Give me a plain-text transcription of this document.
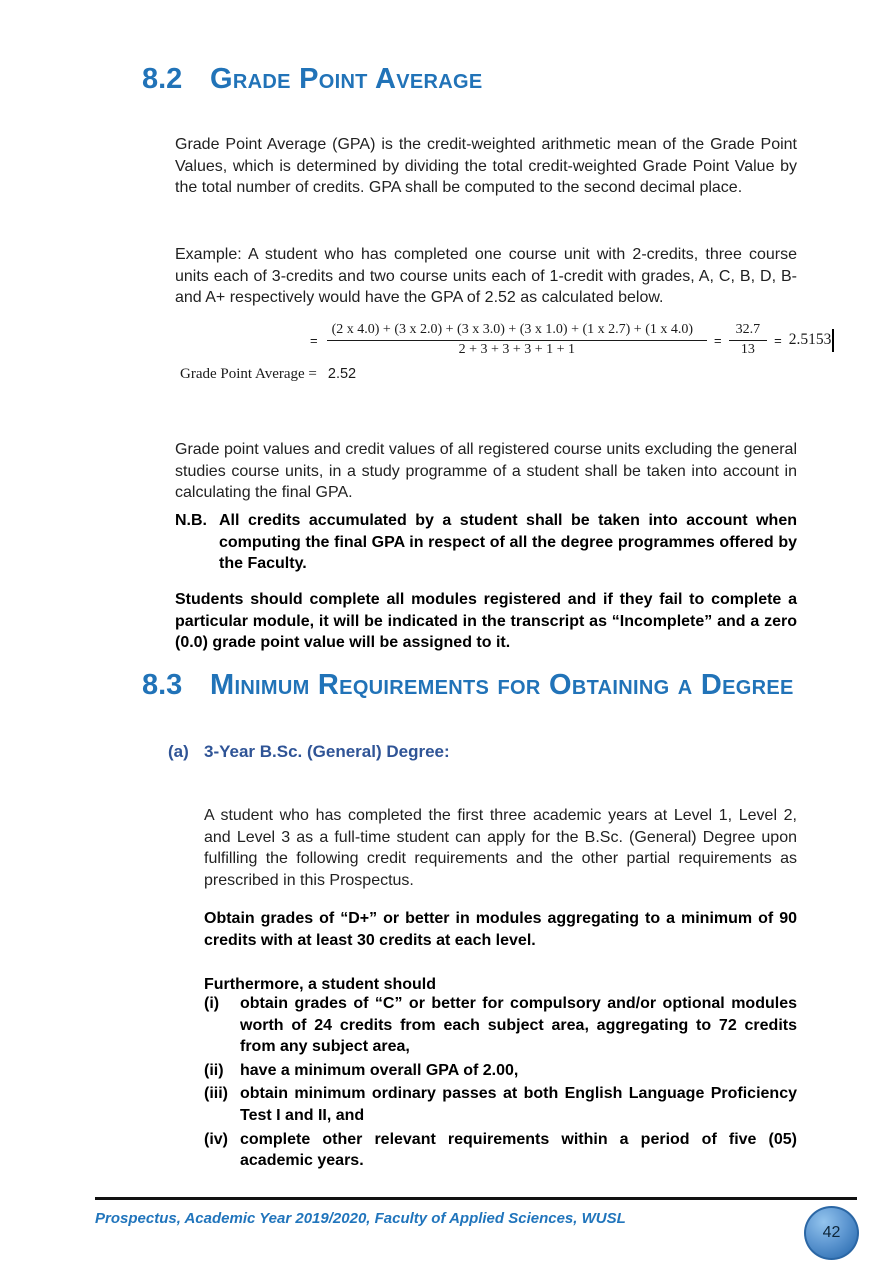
8.2 Grade Point Average

Grade Point Average (GPA) is the credit-weighted arithmetic mean of the Grade Point Values, which is determined by dividing the total credit-weighted Grade Point Value by the total number of credits. GPA shall be computed to the second decimal place.

Example: A student who has completed one course unit with 2-credits, three course units each of 3-credits and two course units each of 1-credit with grades, A, C, B, D, B- and A+ respectively would have the GPA of 2.52 as calculated below.

=
(2 x 4.0) + (3 x 2.0) + (3 x 3.0) + (3 x 1.0) + (1 x 2.7) + (1 x 4.0)
2 + 3 + 3 + 3 + 1 + 1
= $\frac{32.7}{13} = 2.5153$
Grade Point Average = 2.52

Grade point values and credit values of all registered course units excluding the general studies course units, in a study programme of a student shall be taken into account in calculating the final GPA.

N.B. All credits accumulated by a student shall be taken into account when computing the final GPA in respect of all the degree programmes offered by the Faculty.

Students should complete all modules registered and if they fail to complete a particular module, it will be indicated in the transcript as “Incomplete” and a zero (0.0) grade point value will be assigned to it.

8.3 Minimum Requirements for Obtaining a Degree
(a) 3-Year B.Sc. (General) Degree:

A student who has completed the first three academic years at Level 1, Level 2, and Level 3 as a full-time student can apply for the B.Sc. (General) Degree upon fulfilling the following credit requirements and the other partial requirements as prescribed in this Prospectus.

Obtain grades of “D+” or better in modules aggregating to a minimum of 90 credits with at least 30 credits at each level.

Furthermore, a student should

(i)	obtain grades of “C” or better for compulsory and/or optional modules worth of 24 credits from each subject area, aggregating to 72 credits from any subject area,
(ii)	have a minimum overall GPA of 2.00,
(iii) obtain minimum ordinary passes at both English Language Proficiency Test I and II, and
(iv) complete other relevant requirements within a period of five (05) academic years.
Prospectus, Academic Year 2019/2020, Faculty of Applied Sciences, WUSL
42
